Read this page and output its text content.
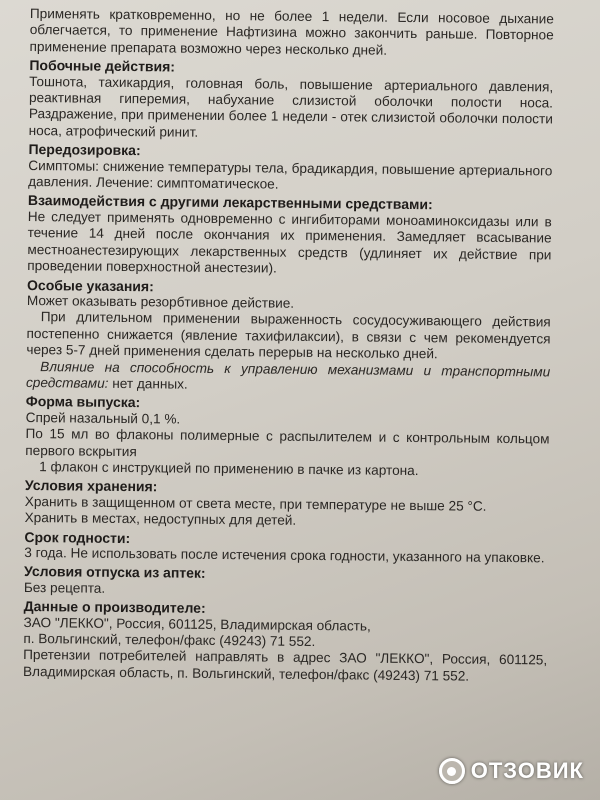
Применять кратковременно, но не более 1 недели. Если носовое дыхание облегчается, то применение Нафтизина можно закончить раньше. Повторное применение препарата возможно через несколько дней.

Побочные действия:

Тошнота, тахикардия, головная боль, повышение артериального давления, реактивная гиперемия, набухание слизистой оболочки полости носа. Раздражение, при применении более 1 недели - отек слизистой оболочки полости носа, атрофический ринит.

Передозировка:

Симптомы: снижение температуры тела, брадикардия, повышение артериального давления. Лечение: симптоматическое.

Взаимодействия с другими лекарственными средствами:

Не следует применять одновременно с ингибиторами моноаминоксидазы или в течение 14 дней после окончания их применения. Замедляет всасывание местноанестезирующих лекарственных средств (удлиняет их действие при проведении поверхностной анестезии).

Особые указания:

Может оказывать резорбтивное действие.

При длительном применении выраженность сосудосуживающего действия постепенно снижается (явление тахифилаксии), в связи с чем рекомендуется через 5-7 дней применения сделать перерыв на несколько дней.

Влияние на способность к управлению механизмами и транспортными средствами: нет данных.

Форма выпуска:

Спрей назальный 0,1 %.

По 15 мл во флаконы полимерные с распылителем и с контрольным кольцом первого вскрытия

1 флакон с инструкцией по применению в пачке из картона.

Условия хранения:

Хранить в защищенном от света месте, при температуре не выше 25 °С.

Хранить в местах, недоступных для детей.

Срок годности:

3 года. Не использовать после истечения срока годности, указанного на упаковке.

Условия отпуска из аптек:

Без рецепта.

Данные о производителе:

ЗАО "ЛЕККО", Россия, 601125, Владимирская область,

п. Вольгинский, телефон/факс (49243) 71 552.

Претензии потребителей направлять в адрес ЗАО "ЛЕККО", Россия, 601125, Владимирская область, п. Вольгинский, телефон/факс (49243) 71 552.

ОТЗОВИК
